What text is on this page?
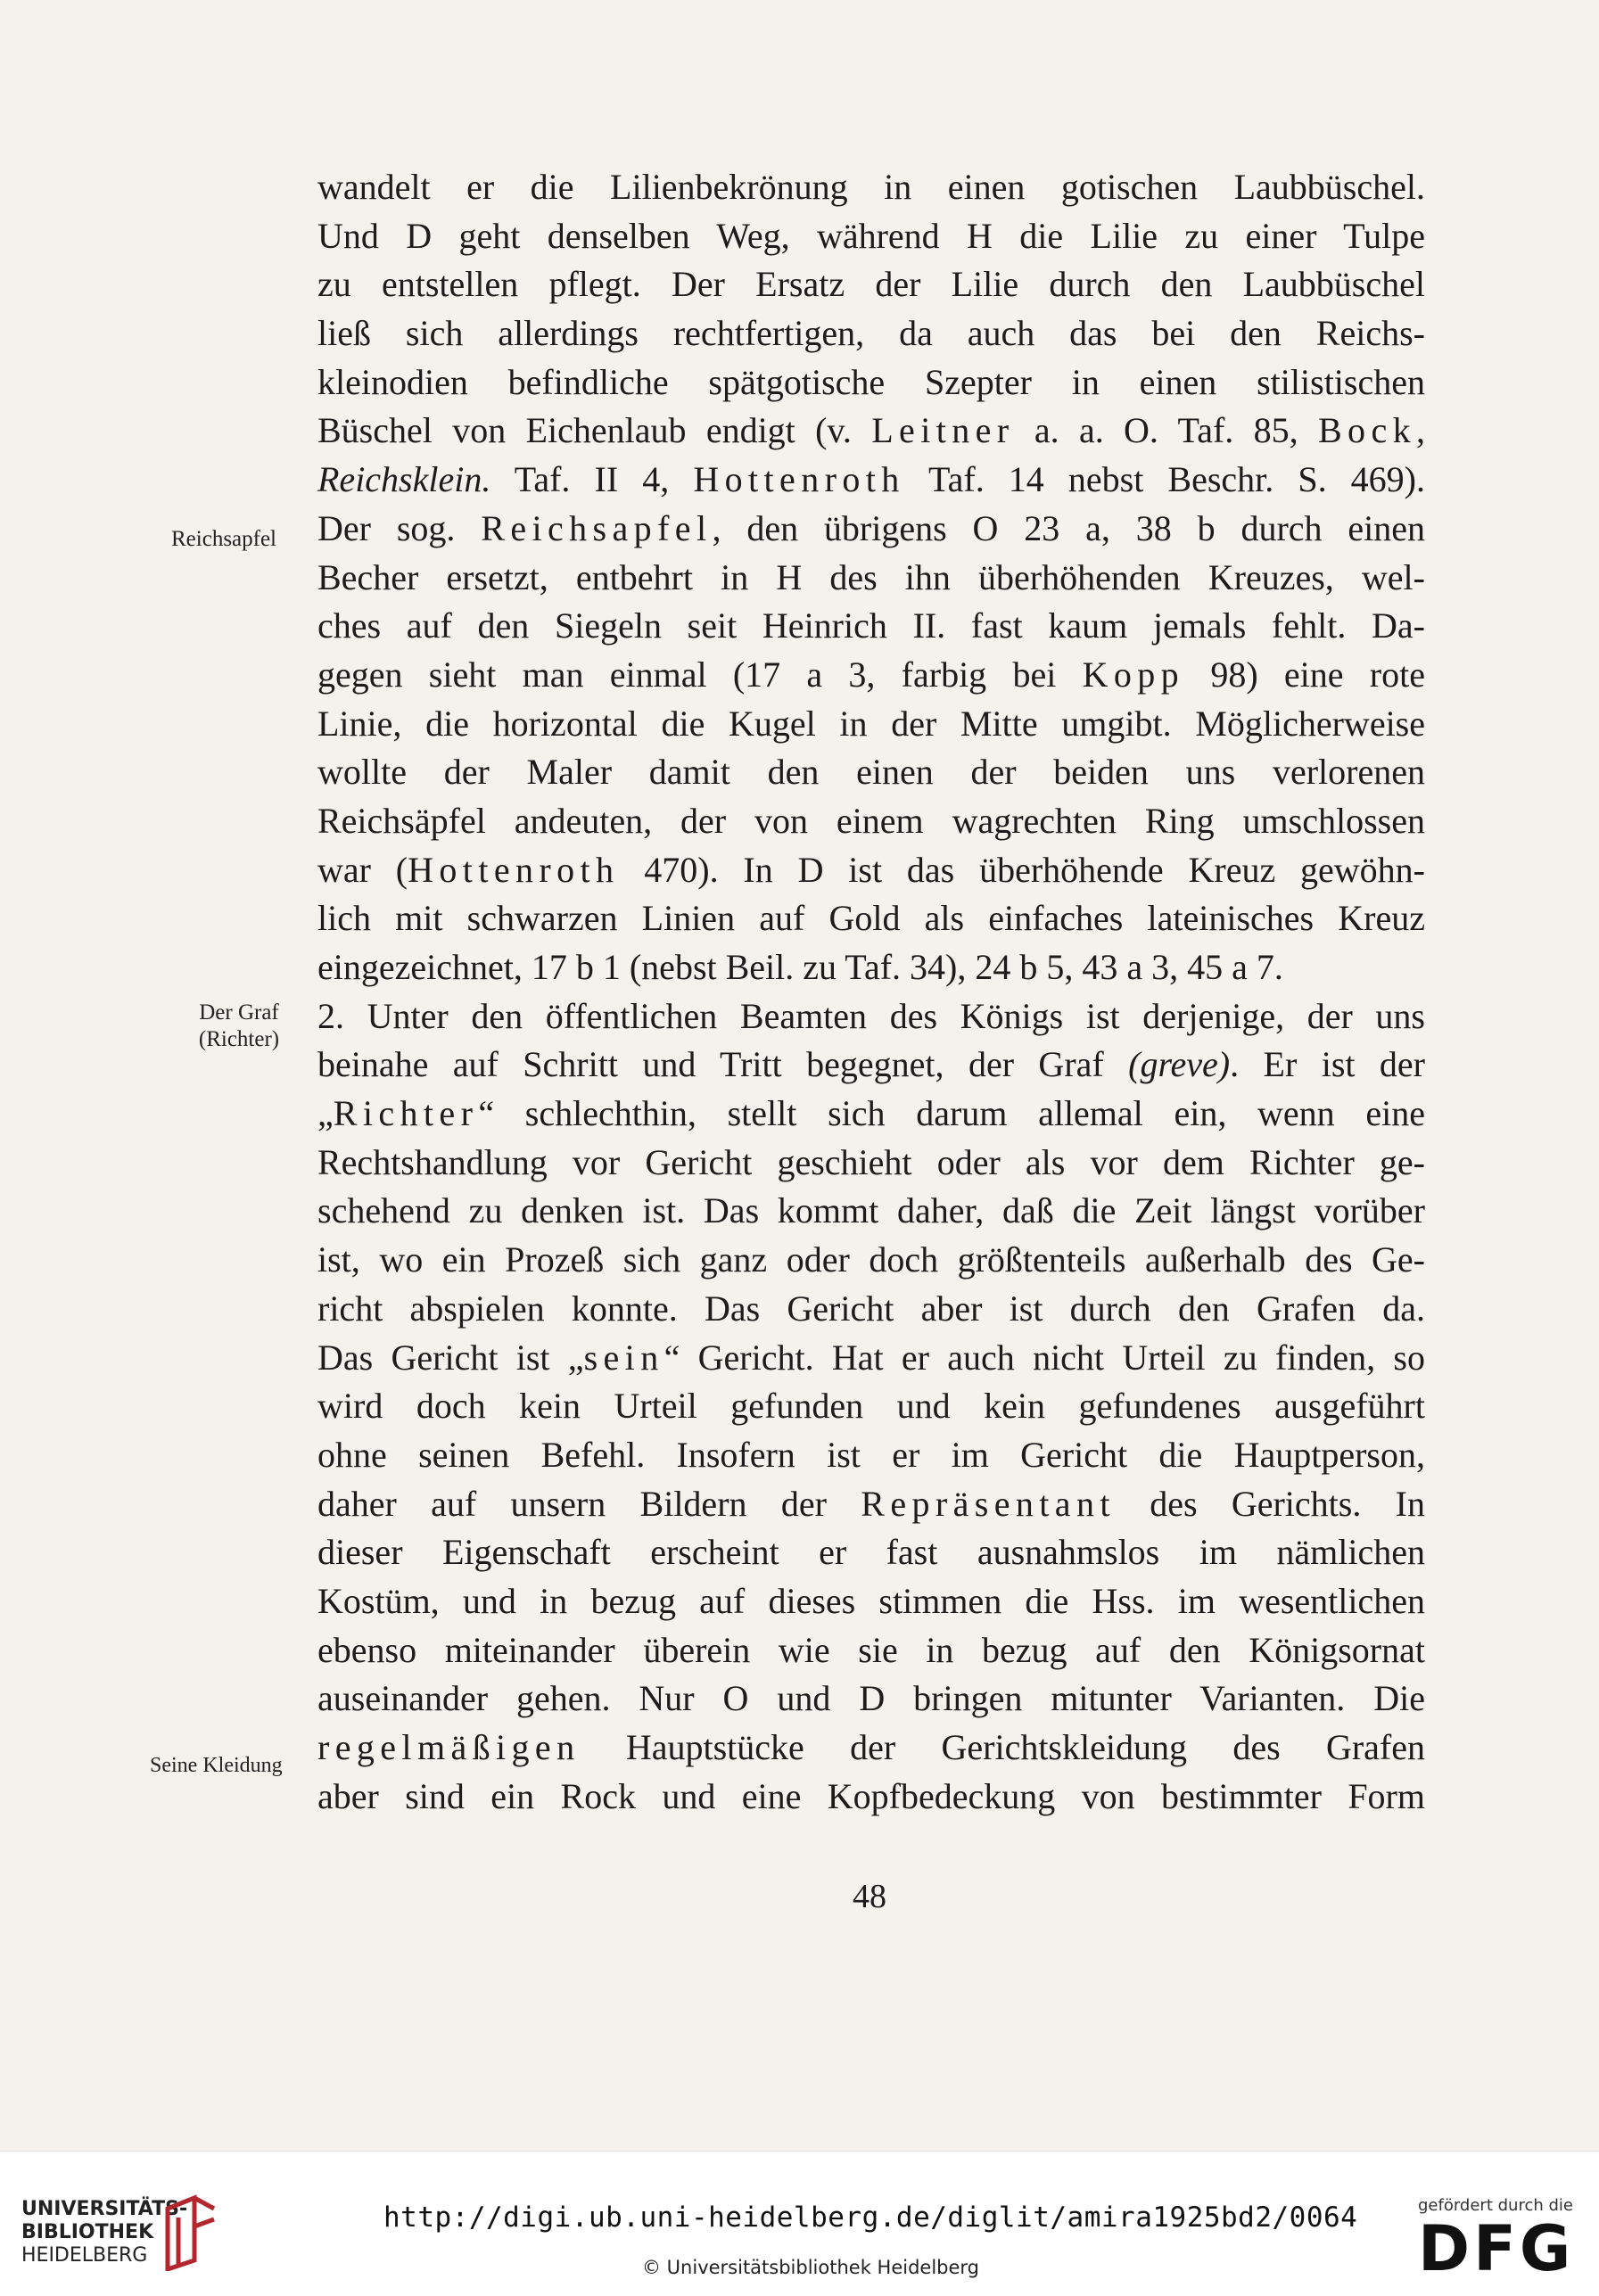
wandelt er die Lilienbekrönung in einen gotischen Laubbüschel.
Und D geht denselben Weg, während H die Lilie zu einer Tulpe
zu entstellen pflegt. Der Ersatz der Lilie durch den Laubbüschel
ließ sich allerdings rechtfertigen, da auch das bei den Reichs-
kleinodien befindliche spätgotische Szepter in einen stilistischen
Büschel von Eichenlaub endigt (v. Leitner a. a. O. Taf. 85, Bock,
Reichsklein. Taf. II 4, Hottenroth Taf. 14 nebst Beschr. S. 469).
Der sog. Reichsapfel, den übrigens O 23 a, 38 b durch einen
Becher ersetzt, entbehrt in H des ihn überhöhenden Kreuzes, wel-
ches auf den Siegeln seit Heinrich II. fast kaum jemals fehlt. Da-
gegen sieht man einmal (17 a 3, farbig bei Kopp 98) eine rote
Linie, die horizontal die Kugel in der Mitte umgibt. Möglicherweise
wollte der Maler damit den einen der beiden uns verlorenen
Reichsäpfel andeuten, der von einem wagrechten Ring umschlossen
war (Hottenroth 470). In D ist das überhöhende Kreuz gewöhn-
lich mit schwarzen Linien auf Gold als einfaches lateinisches Kreuz
eingezeichnet, 17 b 1 (nebst Beil. zu Taf. 34), 24 b 5, 43 a 3, 45 a 7.
2. Unter den öffentlichen Beamten des Königs ist derjenige, der uns
beinahe auf Schritt und Tritt begegnet, der Graf (greve). Er ist der
„Richter“ schlechthin, stellt sich darum allemal ein, wenn eine
Rechtshandlung vor Gericht geschieht oder als vor dem Richter ge-
schehend zu denken ist. Das kommt daher, daß die Zeit längst vorüber
ist, wo ein Prozeß sich ganz oder doch größtenteils außerhalb des Ge-
richt abspielen konnte. Das Gericht aber ist durch den Grafen da.
Das Gericht ist „sein“ Gericht. Hat er auch nicht Urteil zu finden, so
wird doch kein Urteil gefunden und kein gefundenes ausgeführt
ohne seinen Befehl. Insofern ist er im Gericht die Hauptperson,
daher auf unsern Bildern der Repräsentant des Gerichts. In
dieser Eigenschaft erscheint er fast ausnahmslos im nämlichen
Kostüm, und in bezug auf dieses stimmen die Hss. im wesentlichen
ebenso miteinander überein wie sie in bezug auf den Königsornat
auseinander gehen. Nur O und D bringen mitunter Varianten. Die
regelmäßigen Hauptstücke der Gerichtskleidung des Grafen
aber sind ein Rock und eine Kopfbedeckung von bestimmter Form
Reichsapfel
Der Graf
(Richter)
Seine Kleidung
48
UNIVERSITÄTS-
BIBLIOTHEK
HEIDELBERG
http://digi.ub.uni-heidelberg.de/diglit/amira1925bd2/0064
© Universitätsbibliothek Heidelberg
gefördert durch die
DFG
